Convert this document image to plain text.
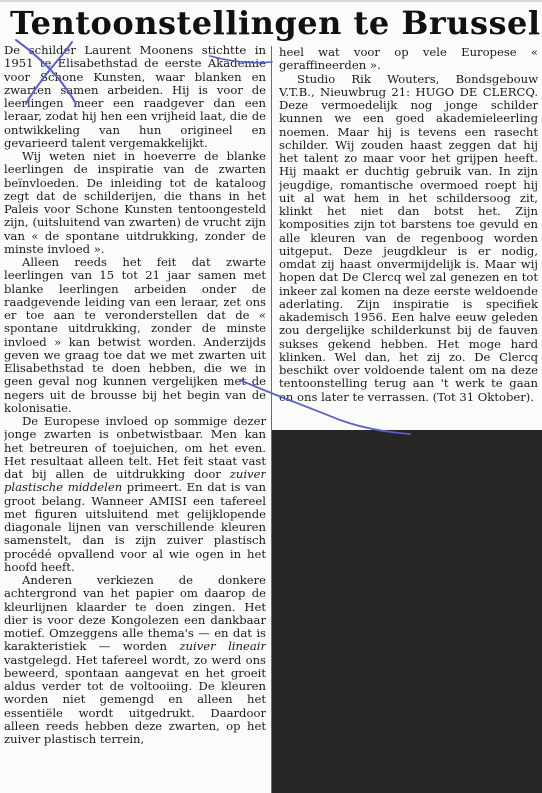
Tentoonstellingen te Brussel

De schilder Laurent Moonens stichtte in 1951 te Elisabethstad de eerste Akademie voor Schone Kunsten, waar blanken en zwarten samen arbeiden. Hij is voor de leerlingen meer een raadgever dan een leraar, zodat hij hen een vrijheid laat, die de ontwikkeling van hun origineel en gevarieerd talent vergemakkelijkt.

Wij weten niet in hoeverre de blanke leerlingen de inspiratie van de zwarten beïnvloeden. De inleiding tot de kataloog zegt dat de schilderijen, die thans in het Paleis voor Schone Kunsten tentoongesteld zijn, (uitsluitend van zwarten) de vrucht zijn van « de spontane uitdrukking, zonder de minste invloed ».

Alleen reeds het feit dat zwarte leerlingen van 15 tot 21 jaar samen met blanke leerlingen arbeiden onder de raadgevende leiding van een leraar, zet ons er toe aan te veronderstellen dat de « spontane uitdrukking, zonder de minste invloed » kan betwist worden. Anderzijds geven we graag toe dat we met zwarten uit Elisabethstad te doen hebben, die we in geen geval nog kunnen vergelijken met de negers uit de brousse bij het begin van de kolonisatie.

De Europese invloed op sommige dezer jonge zwarten is onbetwistbaar. Men kan het betreuren of toejuichen, om het even. Het resultaat alleen telt. Het feit staat vast dat bij allen de uitdrukking door zuiver plastische middelen primeert. En dat is van groot belang. Wanneer AMISI een tafereel met figuren uitsluitend met gelijklopende diagonale lijnen van verschillende kleuren samenstelt, dan is zijn zuiver plastisch procédé opvallend voor al wie ogen in het hoofd heeft.

Anderen verkiezen de donkere achtergrond van het papier om daarop de kleurlijnen klaarder te doen zingen. Het dier is voor deze Kongolezen een dankbaar motief. Omzeggens alle thema's — en dat is karakteristiek — worden zuiver lineair vastgelegd. Het tafereel wordt, zo werd ons beweerd, spontaan aangevat en het groeit aldus verder tot de voltooiing. De kleuren worden niet gemengd en alleen het essentiële wordt uitgedrukt. Daardoor alleen reeds hebben deze zwarten, op het zuiver plastisch terrein,

heel wat voor op vele Europese « geraffineerden ».

Studio Rik Wouters, Bondsgebouw V.T.B., Nieuwbrug 21: HUGO DE CLERCQ. Deze vermoedelijk nog jonge schilder kunnen we een goed akademieleerling noemen. Maar hij is tevens een rasecht schilder. Wij zouden haast zeggen dat hij het talent zo maar voor het grijpen heeft. Hij maakt er duchtig gebruik van. In zijn jeugdige, romantische overmoed roept hij uit al wat hem in het schildersoog zit, klinkt het niet dan botst het. Zijn komposities zijn tot barstens toe gevuld en alle kleuren van de regenboog worden uitgeput. Deze jeugdkleur is er nodig, omdat zij haast onvermijdelijk is. Maar wij hopen dat De Clercq wel zal genezen en tot inkeer zal komen na deze eerste weldoende aderlating. Zijn inspiratie is specifiek akademisch 1956. Een halve eeuw geleden zou dergelijke schilderkunst bij de fauven sukses gekend hebben. Het moge hard klinken. Wel dan, het zij zo. De Clercq beschikt over voldoende talent om na deze tentoonstelling terug aan 't werk te gaan en ons later te verrassen. (Tot 31 Oktober).
